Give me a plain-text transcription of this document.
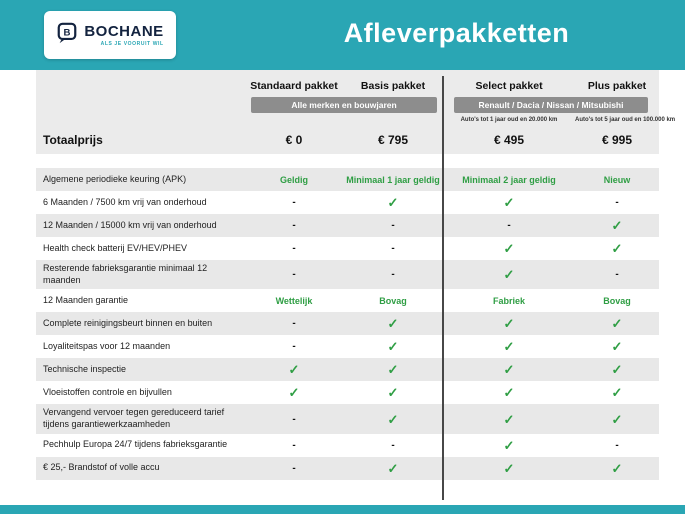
B BOCHANE
ALS JE VOORUIT WIL	Afleverpakketten
Standaard pakket	Basis pakket	Select pakket	Plus pakket
Alle merken en bouwjaren	Renault / Dacia / Nissan / Mitsubishi
Auto's tot 1 jaar oud en 20.000 km	Auto's tot 5 jaar oud en 100.000 km
Totaalprijs	€ 0	€ 795	€ 495	€ 995
Algemene periodieke keuring (APK)	Geldig	Minimaal 1 jaar geldig	Minimaal 2 jaar geldig	Nieuw
6 Maanden / 7500 km vrij van onderhoud	-	✓	✓	-
12 Maanden / 15000 km vrij van onderhoud	-	-	-	✓
Health check batterij EV/HEV/PHEV	-	-	✓	✓
Resterende fabrieksgarantie minimaal 12 maanden	-	-	✓	-
12 Maanden garantie	Wettelijk	Bovag	Fabriek	Bovag
Complete reinigingsbeurt binnen en buiten	-	✓	✓	✓
Loyaliteitspas voor 12 maanden	-	✓	✓	✓
Technische inspectie	✓	✓	✓	✓
Vloeistoffen controle en bijvullen	✓	✓	✓	✓
Vervangend vervoer tegen gereduceerd tarief tijdens garantiewerkzaamheden	-	✓	✓	✓
Pechhulp Europa 24/7 tijdens fabrieksgarantie	-	-	✓	-
€ 25,- Brandstof of volle accu	-	✓	✓	✓
